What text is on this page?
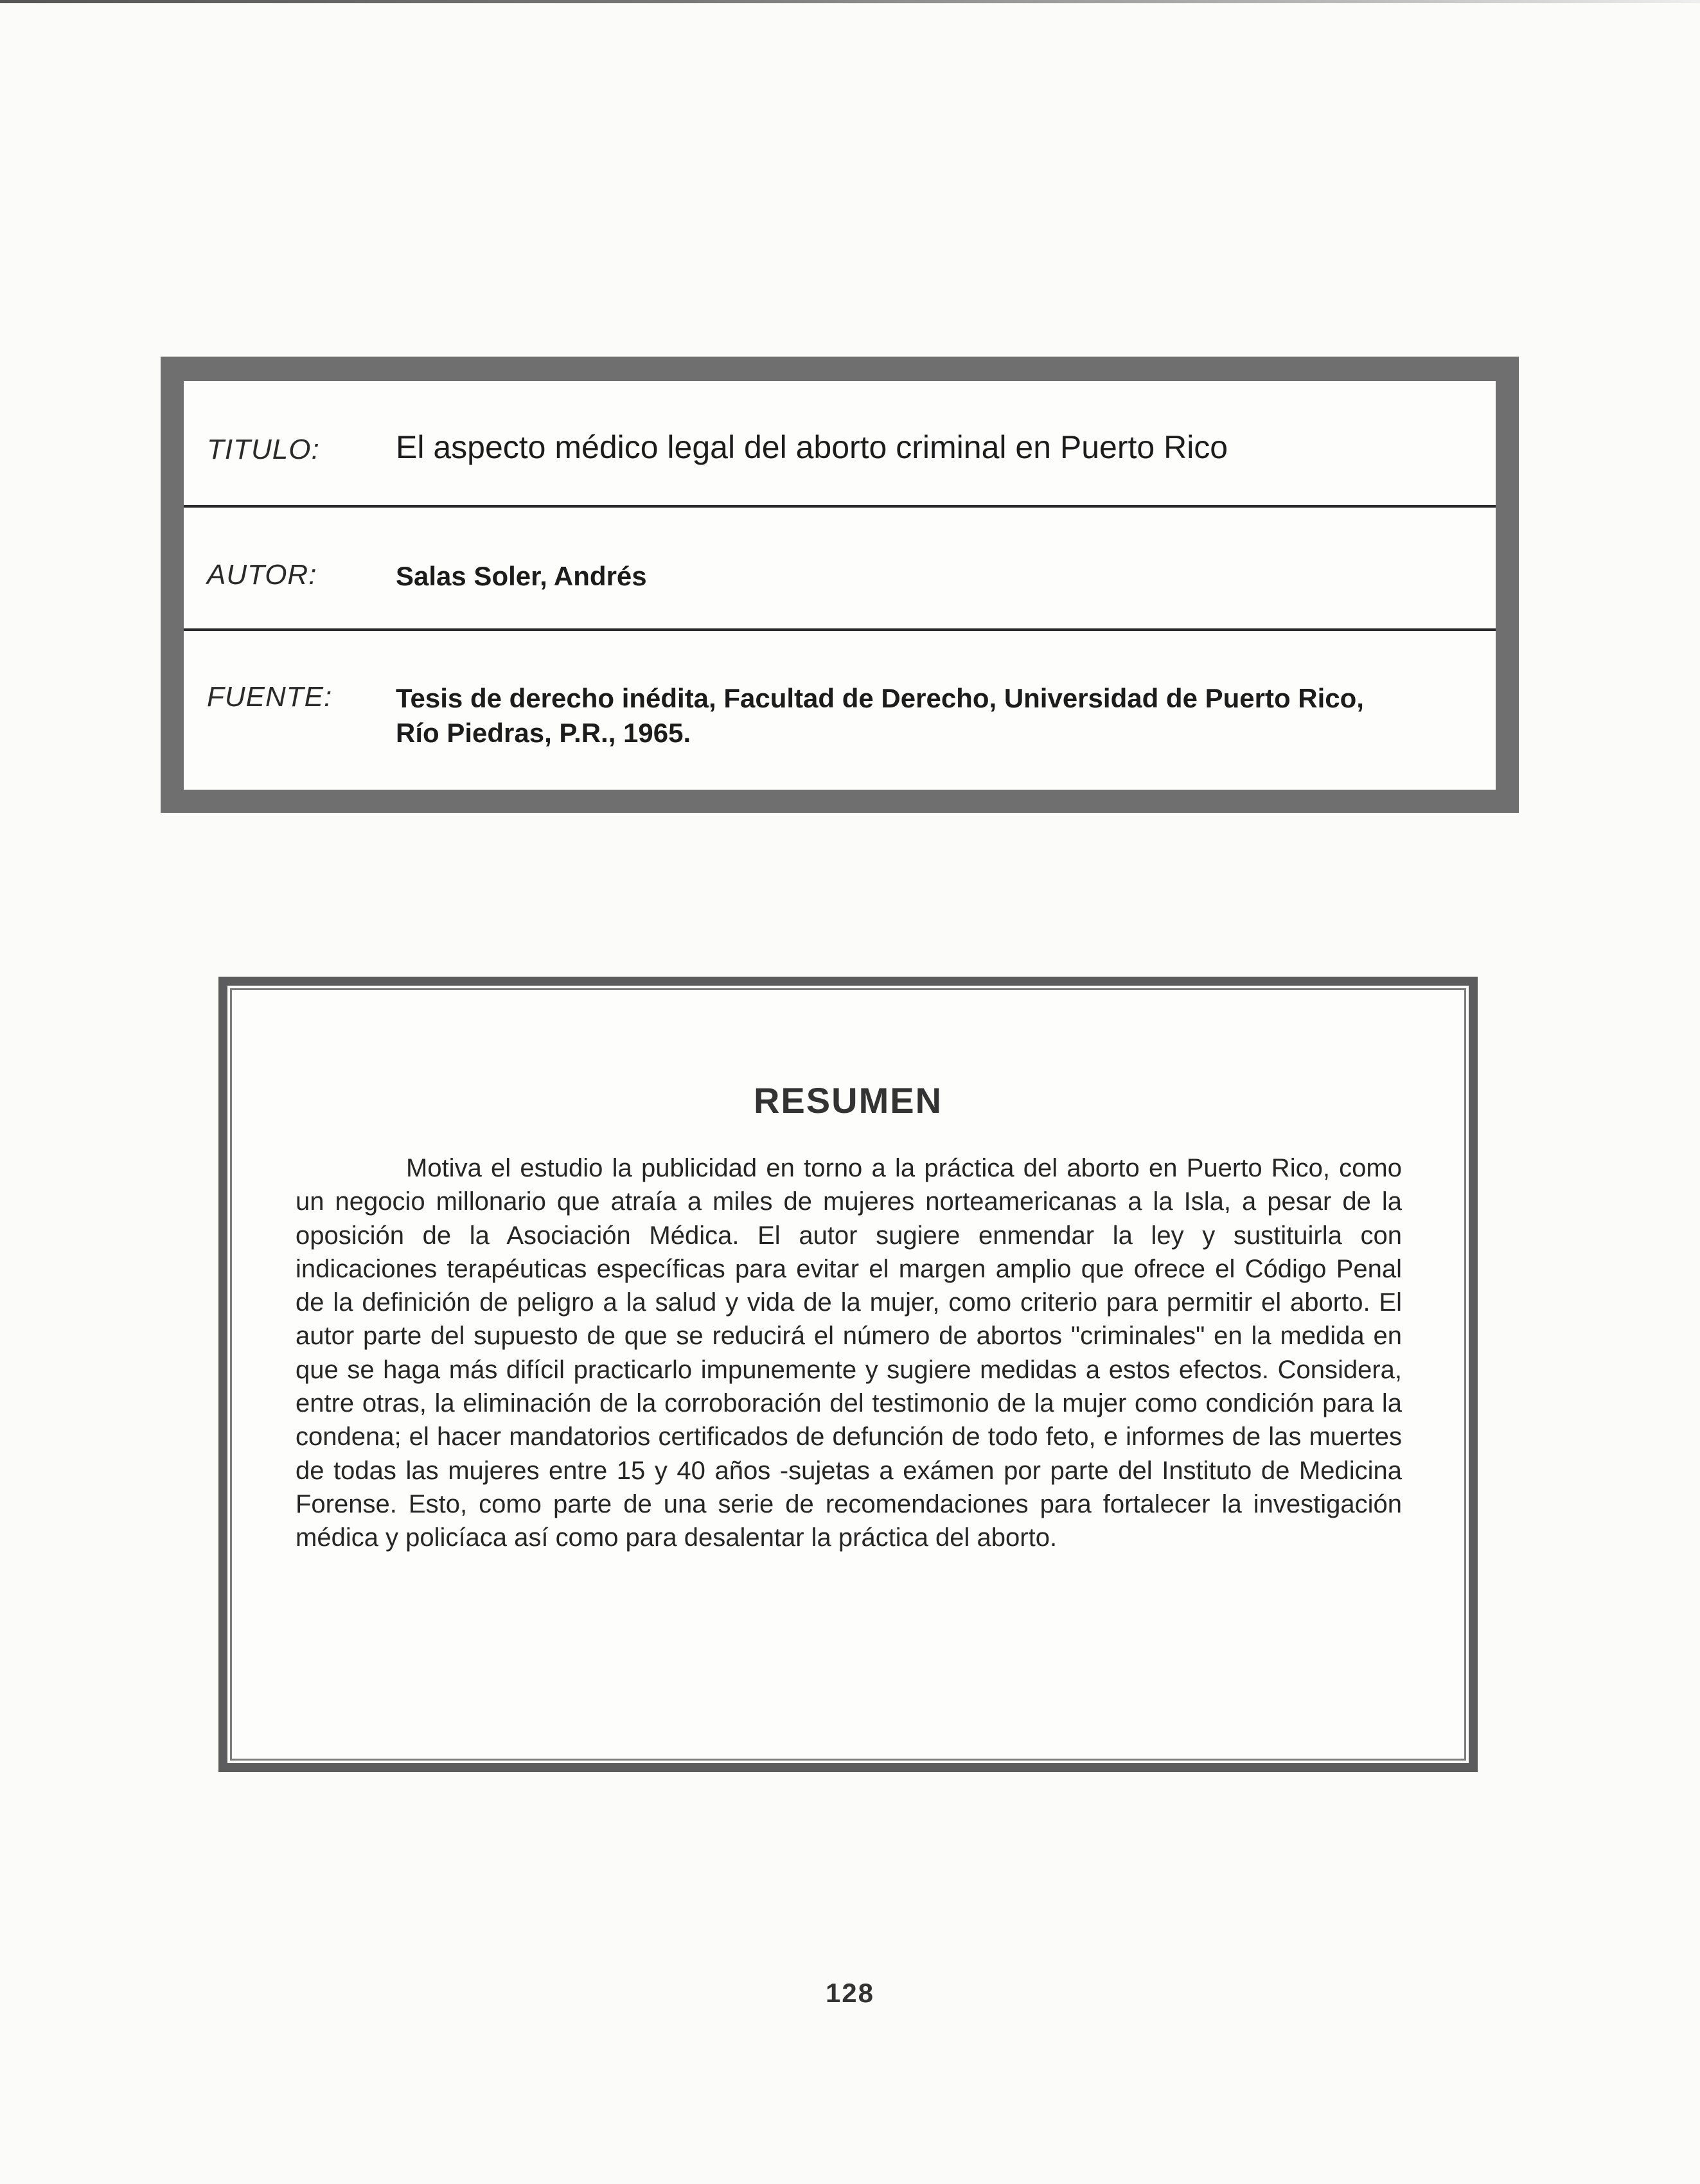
TITULO:	El aspecto médico legal del aborto criminal en Puerto Rico
AUTOR:	Salas Soler, Andrés
FUENTE:	Tesis de derecho inédita, Facultad de Derecho, Universidad de Puerto Rico,
Río Piedras, P.R., 1965.
RESUMEN

Motiva el estudio la publicidad en torno a la práctica del aborto en Puerto Rico, como un negocio millonario que atraía a miles de mujeres norteamericanas a la Isla, a pesar de la oposición de la Asociación Médica. El autor sugiere enmendar la ley y sustituirla con indicaciones terapéuticas específicas para evitar el margen amplio que ofrece el Código Penal de la definición de peligro a la salud y vida de la mujer, como criterio para permitir el aborto. El autor parte del supuesto de que se reducirá el número de abortos "criminales" en la medida en que se haga más difícil practicarlo impunemente y sugiere medidas a estos efectos. Considera, entre otras, la eliminación de la corroboración del testimonio de la mujer como condición para la condena; el hacer mandatorios certificados de defunción de todo feto, e informes de las muertes de todas las mujeres entre 15 y 40 años -sujetas a exámen por parte del Instituto de Medicina Forense. Esto, como parte de una serie de recomendaciones para fortalecer la investigación médica y policíaca así como para desalentar la práctica del aborto.

128
